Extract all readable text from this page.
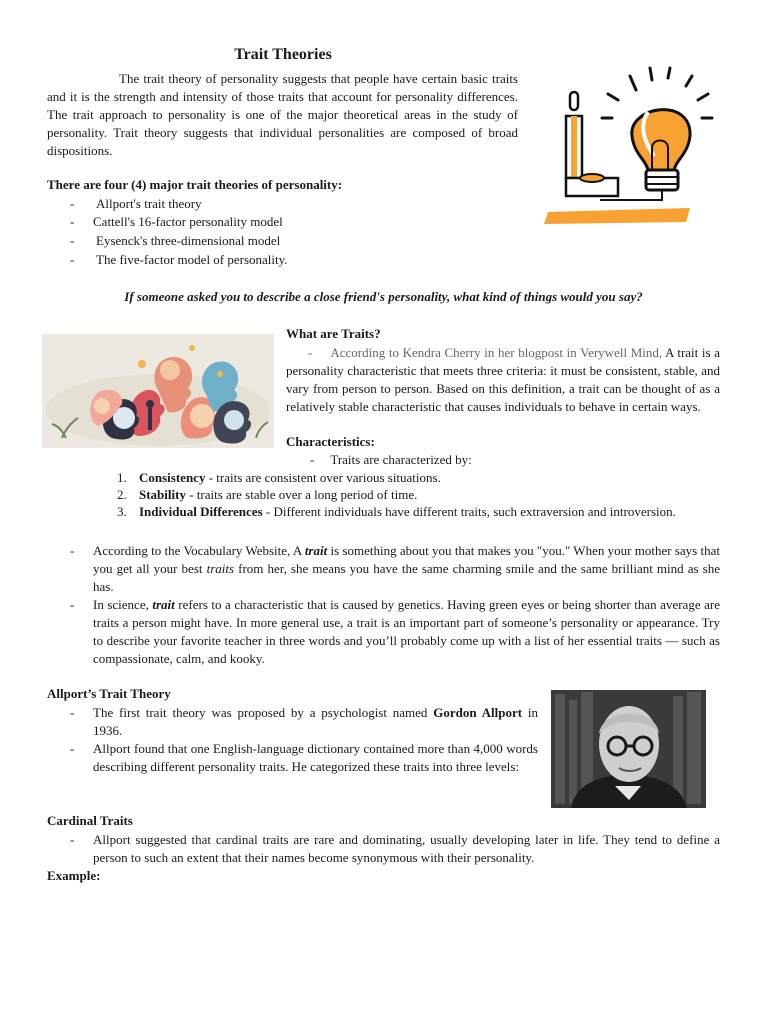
Trait Theories
The trait theory of personality suggests that people have certain basic traits and it is the strength and intensity of those traits that account for personality differences. The trait approach to personality is one of the major theoretical areas in the study of personality. Trait theory suggests that individual personalities are composed of broad dispositions.
There are four (4) major trait theories of personality:
-	Allport's trait theory
-	Cattell's 16-factor personality model
-	Eysenck's three-dimensional model
-	The five-factor model of personality.
If someone asked you to describe a close friend's personality, what kind of things would you say?
What are Traits?
- According to Kendra Cherry in her blogpost in Verywell Mind, A trait is a personality characteristic that meets three criteria: it must be consistent, stable, and vary from person to person. Based on this definition, a trait can be thought of as a relatively stable characteristic that causes individuals to behave in certain ways.
Characteristics:
- Traits are characterized by:
1. Consistency - traits are consistent over various situations.
2. Stability - traits are stable over a long period of time.
3. Individual Differences - Different individuals have different traits, such extraversion and introversion.
-	According to the Vocabulary Website, A trait is something about you that makes you "you." When your mother says that you get all your best traits from her, she means you have the same charming smile and the same brilliant mind as she has.
-	In science, trait refers to a characteristic that is caused by genetics. Having green eyes or being shorter than average are traits a person might have. In more general use, a trait is an important part of someone’s personality or appearance. Try to describe your favorite teacher in three words and you’ll probably come up with a list of her essential traits — such as compassionate, calm, and kooky.
Allport’s Trait Theory
-	The first trait theory was proposed by a psychologist named Gordon Allport in 1936.
-	Allport found that one English-language dictionary contained more than 4,000 words describing different personality traits. He categorized these traits into three levels:
Cardinal Traits
-	Allport suggested that cardinal traits are rare and dominating, usually developing later in life. They tend to define a person to such an extent that their names become synonymous with their personality.
Example:
